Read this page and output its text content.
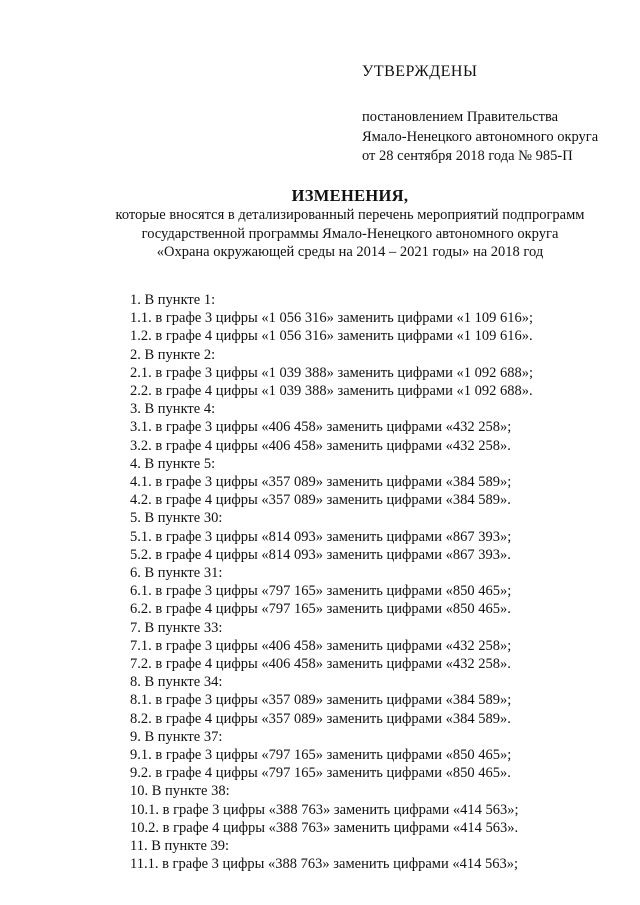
УТВЕРЖДЕНЫ
постановлением Правительства
Ямало-Ненецкого автономного округа
от 28 сентября 2018 года № 985-П
ИЗМЕНЕНИЯ,
которые вносятся в детализированный перечень мероприятий подпрограмм
государственной программы Ямало-Ненецкого автономного округа
«Охрана окружающей среды на 2014 – 2021 годы» на 2018 год
1. В пункте 1:
1.1. в графе 3 цифры «1 056 316» заменить цифрами «1 109 616»;
1.2. в графе 4 цифры «1 056 316» заменить цифрами «1 109 616».
2. В пункте 2:
2.1. в графе 3 цифры «1 039 388» заменить цифрами «1 092 688»;
2.2. в графе 4 цифры «1 039 388» заменить цифрами «1 092 688».
3. В пункте 4:
3.1. в графе 3 цифры «406 458» заменить цифрами «432 258»;
3.2. в графе 4 цифры «406 458» заменить цифрами «432 258».
4. В пункте 5:
4.1. в графе 3 цифры «357 089» заменить цифрами «384 589»;
4.2. в графе 4 цифры «357 089» заменить цифрами «384 589».
5. В пункте 30:
5.1. в графе 3 цифры «814 093» заменить цифрами «867 393»;
5.2. в графе 4 цифры «814 093» заменить цифрами «867 393».
6. В пункте 31:
6.1. в графе 3 цифры «797 165» заменить цифрами «850 465»;
6.2. в графе 4 цифры «797 165» заменить цифрами «850 465».
7. В пункте 33:
7.1. в графе 3 цифры «406 458» заменить цифрами «432 258»;
7.2. в графе 4 цифры «406 458» заменить цифрами «432 258».
8. В пункте 34:
8.1. в графе 3 цифры «357 089» заменить цифрами «384 589»;
8.2. в графе 4 цифры «357 089» заменить цифрами «384 589».
9. В пункте 37:
9.1. в графе 3 цифры «797 165» заменить цифрами «850 465»;
9.2. в графе 4 цифры «797 165» заменить цифрами «850 465».
10. В пункте 38:
10.1. в графе 3 цифры «388 763» заменить цифрами «414 563»;
10.2. в графе 4 цифры «388 763» заменить цифрами «414 563».
11. В пункте 39:
11.1. в графе 3 цифры «388 763» заменить цифрами «414 563»;
